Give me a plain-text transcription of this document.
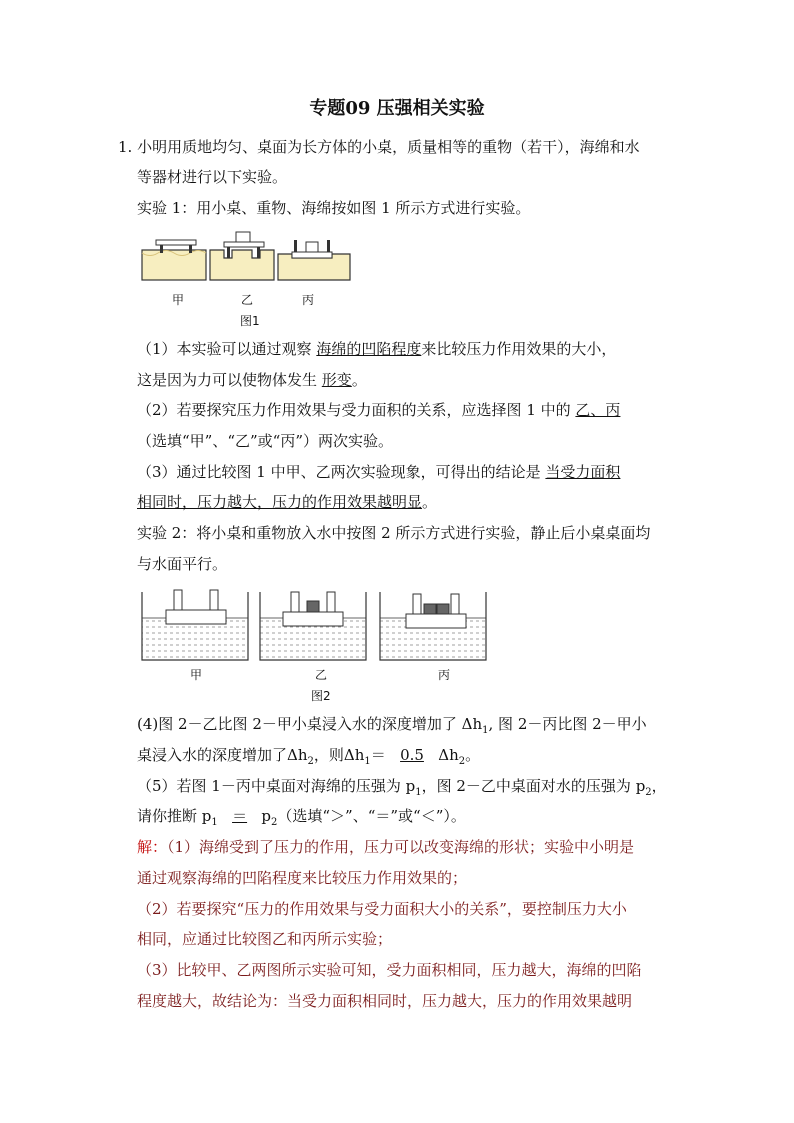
专题09 压强相关实验
1. 小明用质地均匀、桌面为长方体的小桌，质量相等的重物（若干），海绵和水
等器材进行以下实验。
实验 1：用小桌、重物、海绵按如图 1 所示方式进行实验。
甲	乙	丙
图1
（1）本实验可以通过观察 海绵的凹陷程度来比较压力作用效果的大小，
这是因为力可以使物体发生 形变。
（2）若要探究压力作用效果与受力面积的关系，应选择图 1 中的 乙、丙
（选填“甲”、“乙”或“丙”）两次实验。
（3）通过比较图 1 中甲、乙两次实验现象，可得出的结论是 当受力面积
相同时，压力越大，压力的作用效果越明显。
实验 2：将小桌和重物放入水中按图 2 所示方式进行实验，静止后小桌桌面均
与水面平行。
甲	乙	丙
图2
(4)图 2－乙比图 2－甲小桌浸入水的深度增加了 $\Delta h_1$, 图 2－丙比图 2－甲小
桌浸入水的深度增加了$\Delta h_2$，则$\Delta h_1= 0.5$ $\Delta h_2$。
（5）若图 1－丙中桌面对海绵的压强为 $p_1$，图 2－乙中桌面对水的压强为 $p_2$，
请你推断 $p_1 = p_2$（选填“＞”、“＝”或“＜”）。
解：（1）海绵受到了压力的作用，压力可以改变海绵的形状；实验中小明是
通过观察海绵的凹陷程度来比较压力作用效果的；
（2）若要探究“压力的作用效果与受力面积大小的关系”，要控制压力大小
相同，应通过比较图乙和丙所示实验；
（3）比较甲、乙两图所示实验可知，受力面积相同，压力越大，海绵的凹陷
程度越大，故结论为：当受力面积相同时，压力越大，压力的作用效果越明
